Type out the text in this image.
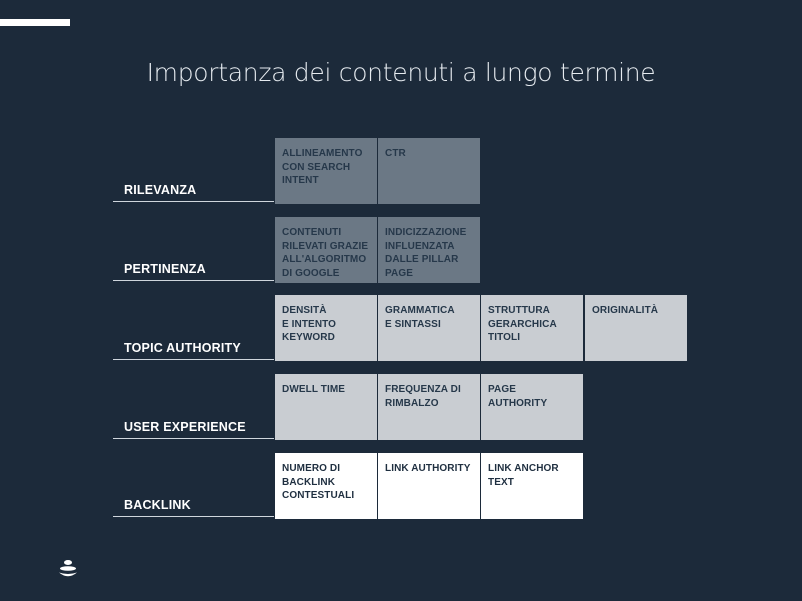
Importanza dei contenuti a lungo termine
RILEVANZA
ALLINEAMENTO
CON SEARCH
INTENT
CTR
PERTINENZA
CONTENUTI
RILEVATI GRAZIE
ALL'ALGORITMO
DI GOOGLE
INDICIZZAZIONE
INFLUENZATA
DALLE PILLAR
PAGE
TOPIC AUTHORITY
DENSITÀ
E INTENTO
KEYWORD
GRAMMATICA
E SINTASSI
STRUTTURA
GERARCHICA
TITOLI
ORIGINALITÀ
USER EXPERIENCE
DWELL TIME	FREQUENZA DI
RIMBALZO
PAGE AUTHORITY
BACKLINK
NUMERO DI
BACKLINK
CONTESTUALI
LINK AUTHORITY	LINK ANCHOR
TEXT
